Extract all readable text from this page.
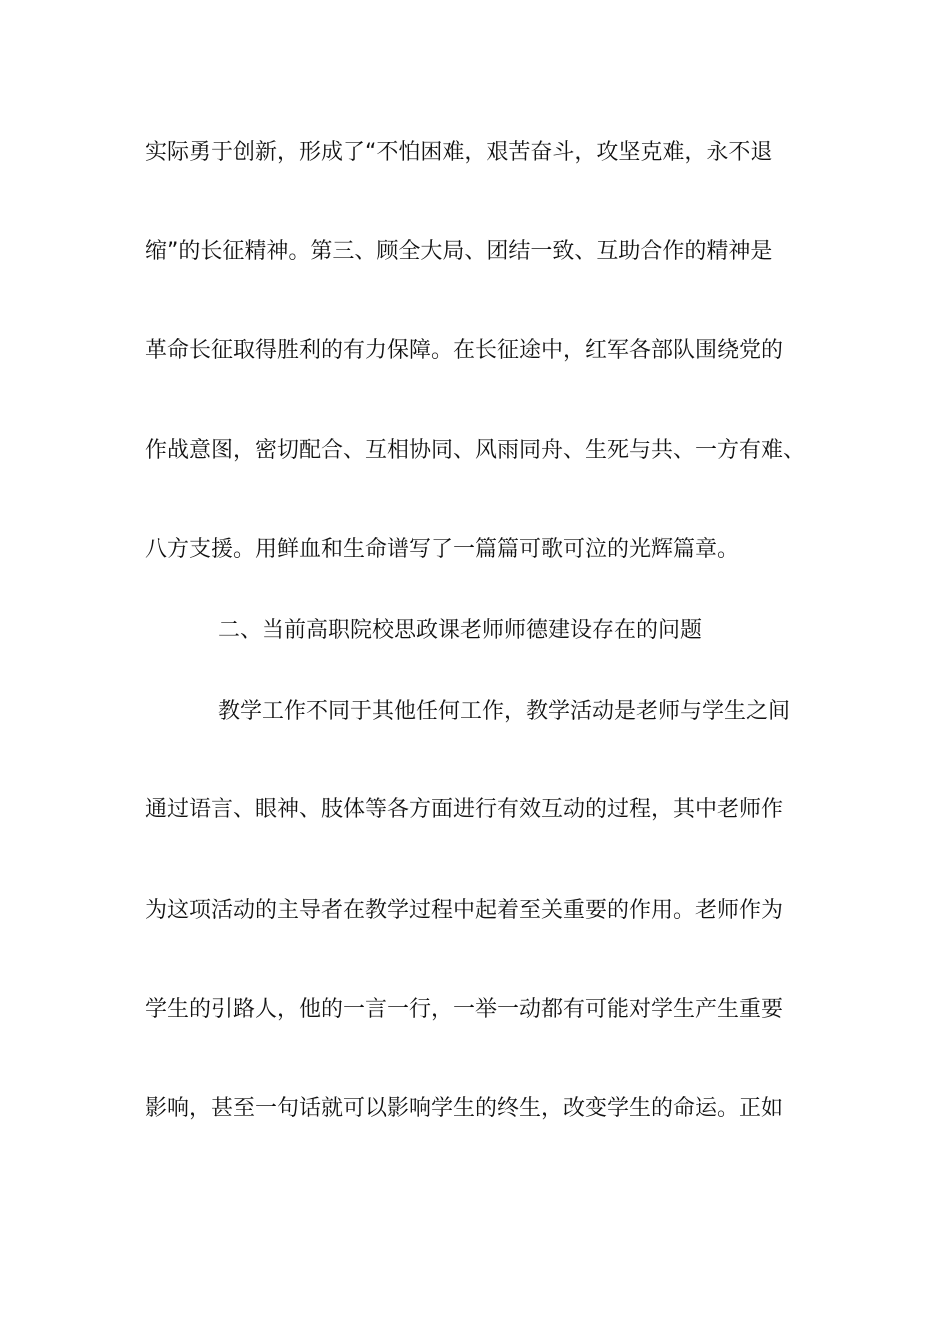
实际勇于创新，形成了“不怕困难，艰苦奋斗，攻坚克难，永不退
缩”的长征精神。第三、顾全大局、团结一致、互助合作的精神是
革命长征取得胜利的有力保障。在长征途中，红军各部队围绕党的
作战意图，密切配合、互相协同、风雨同舟、生死与共、一方有难、
八方支援。用鲜血和生命谱写了一篇篇可歌可泣的光辉篇章。
二、当前高职院校思政课老师师德建设存在的问题
教学工作不同于其他任何工作，教学活动是老师与学生之间
通过语言、眼神、肢体等各方面进行有效互动的过程，其中老师作
为这项活动的主导者在教学过程中起着至关重要的作用。老师作为
学生的引路人，他的一言一行，一举一动都有可能对学生产生重要
影响，甚至一句话就可以影响学生的终生，改变学生的命运。正如
